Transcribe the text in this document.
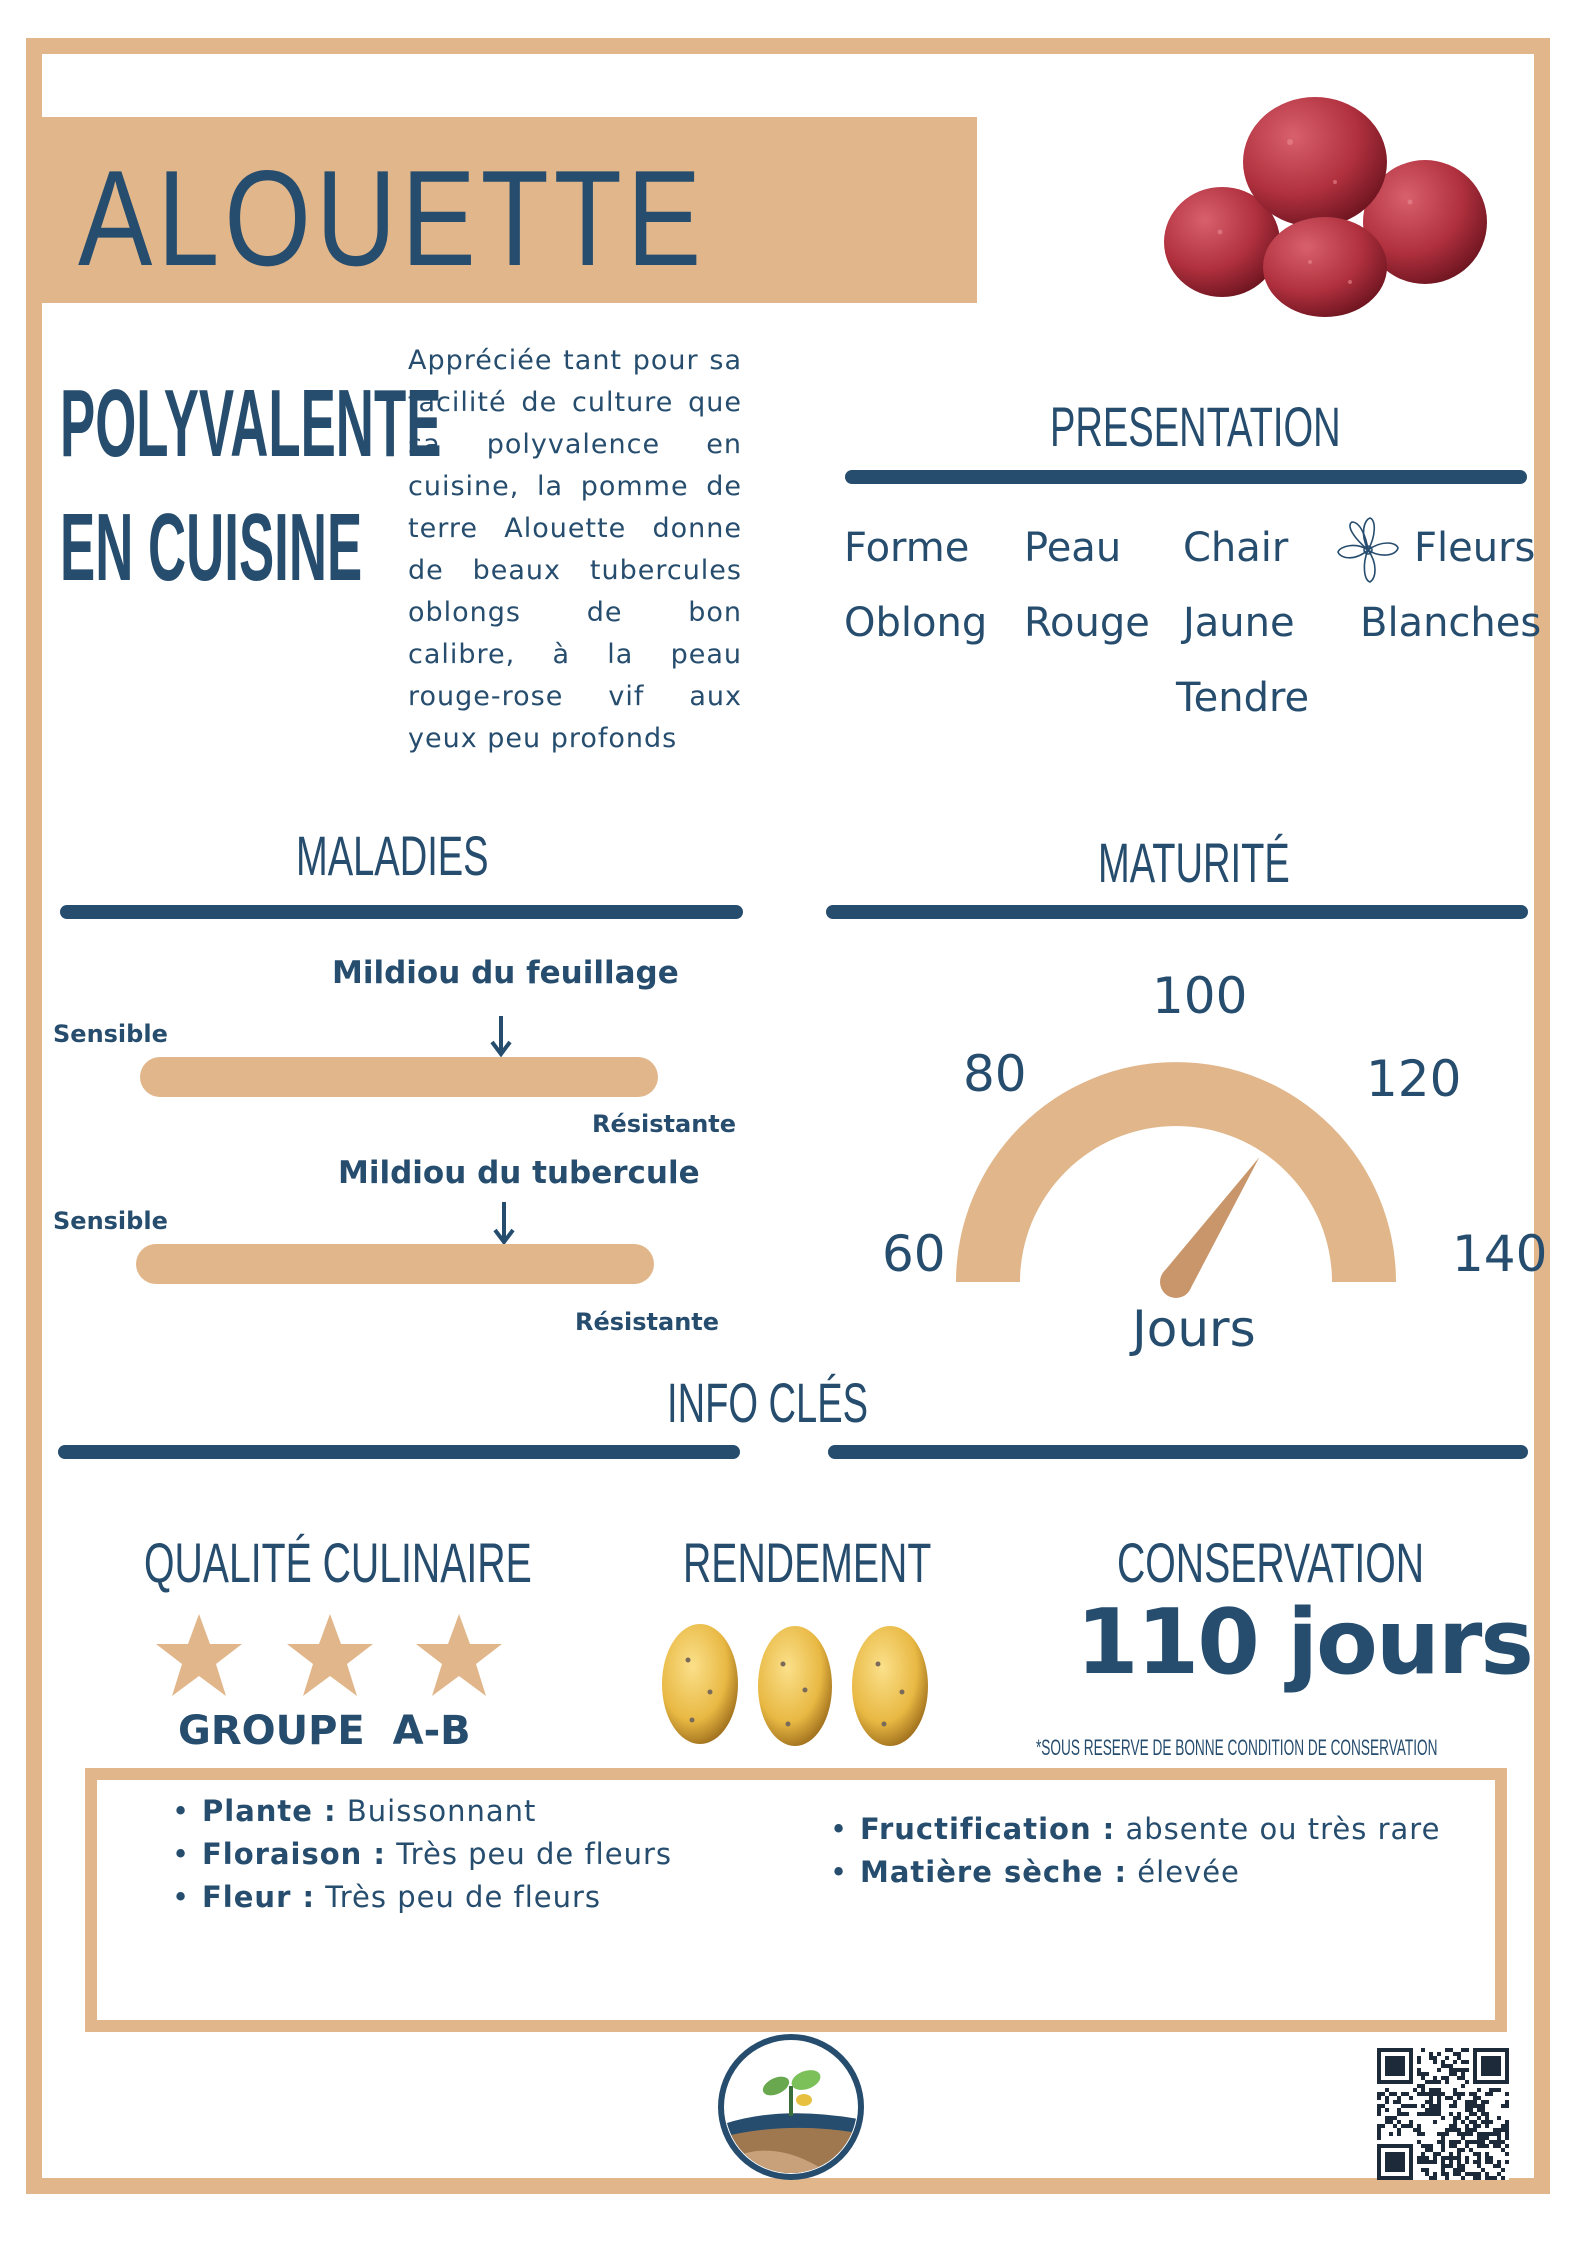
ALOUETTE
POLYVALENTE
EN CUISINE
Appréciée tant pour sa facilité de culture que sa polyvalence en cuisine, la pomme de terre Alouette donne de beaux tubercules oblongs de bon calibre, à la peau rouge-rose vif aux yeux peu profonds
PRESENTATION
Forme Peau Chair	Fleurs
Oblong Rouge Jaune Blanches
Tendre
MALADIES
Mildiou du feuillage
Sensible
Résistante
Mildiou du tubercule
Sensible
Résistante
MATURITÉ
60
80
100
120
140
Jours
INFO CLÉS
QUALITÉ CULINAIRE
GROUPE  A-B
RENDEMENT	CONSERVATION
110 jours
*SOUS RESERVE DE BONNE CONDITION DE CONSERVATION
• Plante : Buissonnant
• Floraison : Très peu de fleurs
• Fleur : Très peu de fleurs
• Fructification : absente ou très rare
• Matière sèche : élevée
